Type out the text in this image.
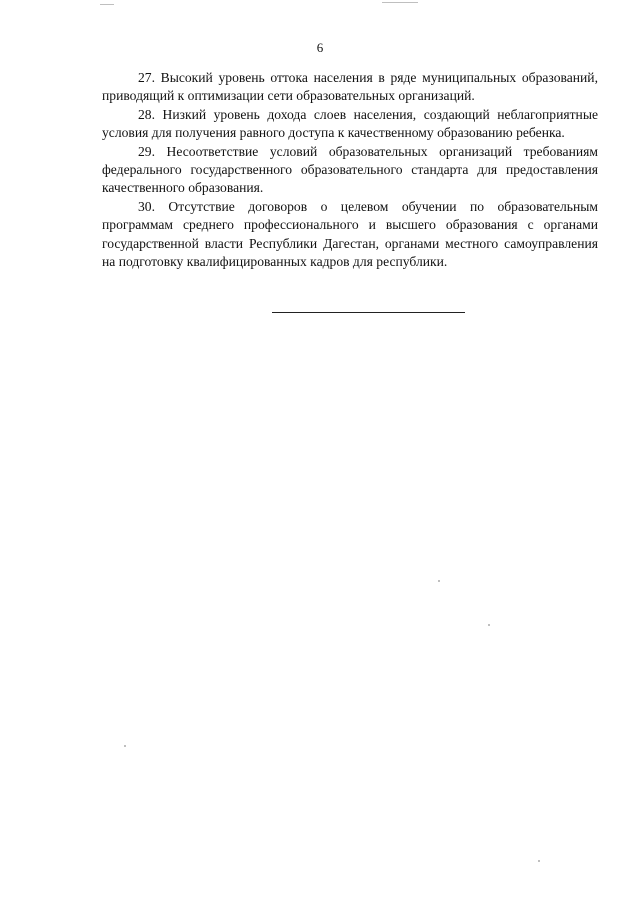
6

27. Высокий уровень оттока населения в ряде муниципальных образований, приводящий к оптимизации сети образовательных организаций.

28. Низкий уровень дохода слоев населения, создающий неблагоприятные условия для получения равного доступа к качественному образованию ребенка.

29. Несоответствие условий образовательных организаций требованиям федерального государственного образовательного стандарта для предоставления качественного образования.

30. Отсутствие договоров о целевом обучении по образовательным программам среднего профессионального и высшего образования с органами государственной власти Республики Дагестан, органами местного самоуправления на подготовку квалифицированных кадров для республики.
